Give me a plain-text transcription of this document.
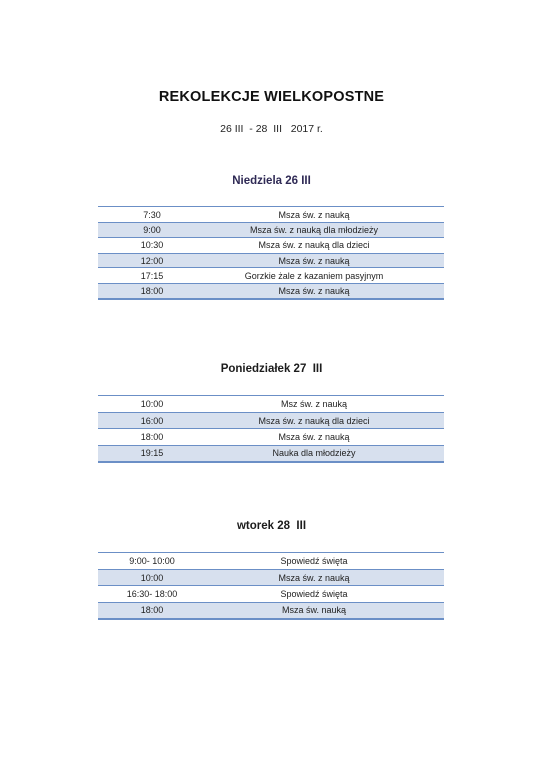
REKOLEKCJE WIELKOPOSTNE
26 III  - 28  III   2017 r.
Niedziela 26 III
7:30	Msza św. z nauką
9:00	Msza św. z nauką dla młodzieży
10:30	Msza św. z nauką dla dzieci
12:00	Msza św. z nauką
17:15	Gorzkie żale z kazaniem pasyjnym
18:00	Msza św. z nauką
Poniedziałek 27  III
10:00	Msz św. z nauką
16:00	Msza św. z nauką dla dzieci
18:00	Msza św. z nauką
19:15	Nauka dla młodzieży
wtorek 28  III
9:00- 10:00	Spowiedź święta
10:00	Msza św. z nauką
16:30- 18:00	Spowiedź święta
18:00	Msza św. nauką
